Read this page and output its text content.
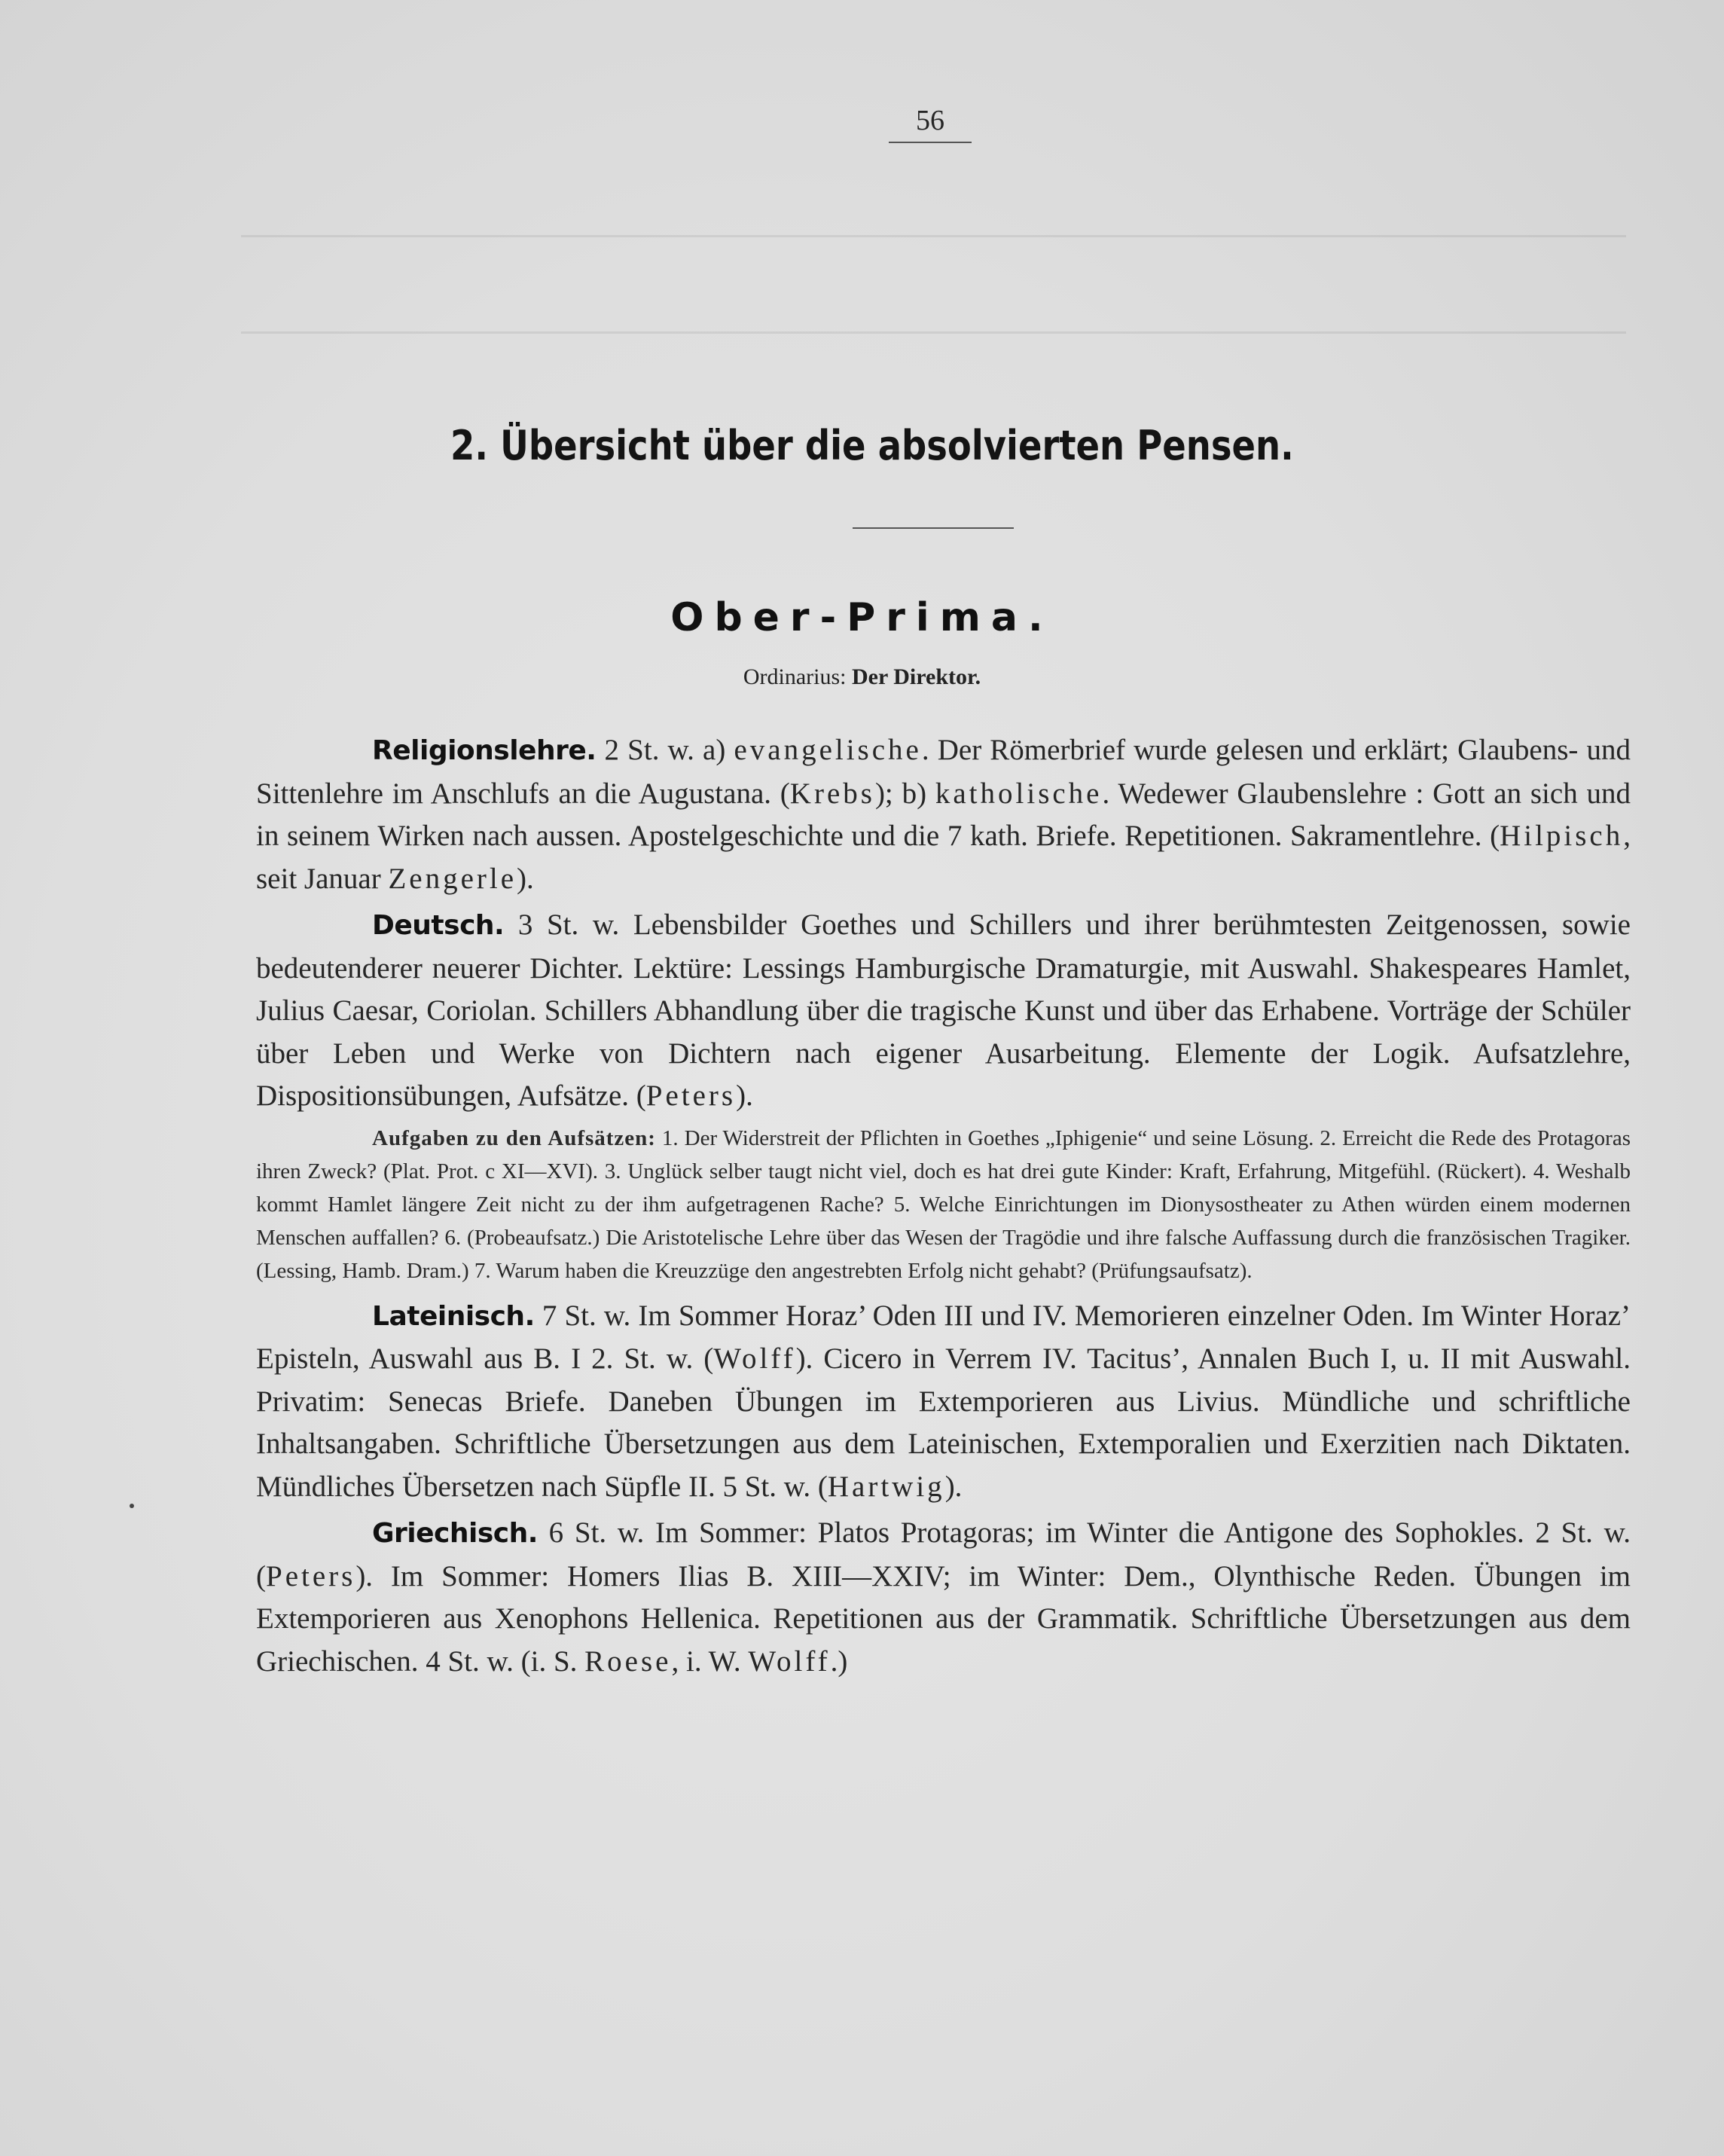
56
2. Übersicht über die absolvierten Pensen.
Ober-Prima.
Ordinarius: Der Direktor.

Religionslehre. 2 St. w. a) evangelische. Der Römerbrief wurde gelesen und erklärt; Glaubens- und Sittenlehre im Anschlufs an die Augustana. (Krebs); b) katholische. Wedewer Glaubenslehre : Gott an sich und in seinem Wirken nach aussen. Apostelgeschichte und die 7 kath. Briefe. Repetitionen. Sakramentlehre. (Hilpisch, seit Januar Zengerle).

Deutsch. 3 St. w. Lebensbilder Goethes und Schillers und ihrer berühmtesten Zeitgenossen, sowie bedeutenderer neuerer Dichter. Lektüre: Lessings Hamburgische Dramaturgie, mit Auswahl. Shakespeares Hamlet, Julius Caesar, Coriolan. Schillers Abhandlung über die tragische Kunst und über das Erhabene. Vorträge der Schüler über Leben und Werke von Dichtern nach eigener Ausarbeitung. Elemente der Logik. Aufsatzlehre, Dispositionsübungen, Aufsätze. (Peters).

Aufgaben zu den Aufsätzen: 1. Der Widerstreit der Pflichten in Goethes „Iphigenie“ und seine Lösung. 2. Erreicht die Rede des Protagoras ihren Zweck? (Plat. Prot. c XI—XVI). 3. Unglück selber taugt nicht viel, doch es hat drei gute Kinder: Kraft, Erfahrung, Mitgefühl. (Rückert). 4. Weshalb kommt Hamlet längere Zeit nicht zu der ihm aufgetragenen Rache? 5. Welche Einrichtungen im Dionysostheater zu Athen würden einem modernen Menschen auffallen? 6. (Probeaufsatz.) Die Aristotelische Lehre über das Wesen der Tragödie und ihre falsche Auffassung durch die französischen Tragiker. (Lessing, Hamb. Dram.) 7. Warum haben die Kreuzzüge den angestrebten Erfolg nicht gehabt? (Prüfungsaufsatz).

Lateinisch. 7 St. w. Im Sommer Horaz’ Oden III und IV. Memorieren einzelner Oden. Im Winter Horaz’ Episteln, Auswahl aus B. I 2. St. w. (Wolff). Cicero in Verrem IV. Tacitus’, Annalen Buch I, u. II mit Auswahl. Privatim: Senecas Briefe. Daneben Übungen im Extemporieren aus Livius. Mündliche und schriftliche Inhaltsangaben. Schriftliche Übersetzungen aus dem Lateinischen, Extemporalien und Exerzitien nach Diktaten. Mündliches Übersetzen nach Süpfle II. 5 St. w. (Hartwig).

Griechisch. 6 St. w. Im Sommer: Platos Protagoras; im Winter die Antigone des Sophokles. 2 St. w. (Peters). Im Sommer: Homers Ilias B. XIII—XXIV; im Winter: Dem., Olynthische Reden. Übungen im Extemporieren aus Xenophons Hellenica. Repetitionen aus der Grammatik. Schriftliche Übersetzungen aus dem Griechischen. 4 St. w. (i. S. Roese, i. W. Wolff.)
